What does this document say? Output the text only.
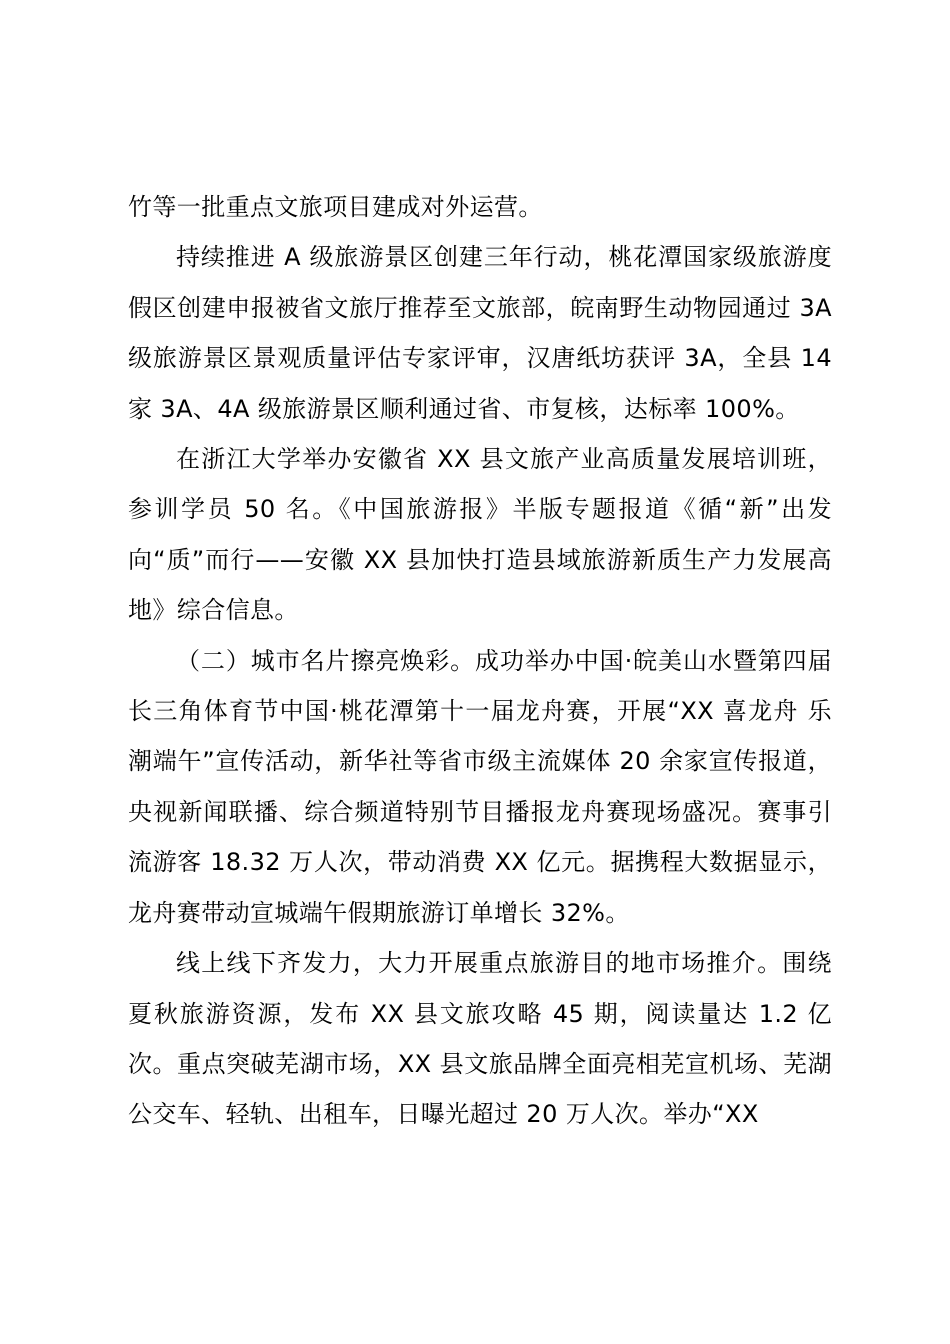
竹等一批重点文旅项目建成对外运营。

持续推进 A 级旅游景区创建三年行动，桃花潭国家级旅游度假区创建申报被省文旅厅推荐至文旅部，皖南野生动物园通过 3A 级旅游景区景观质量评估专家评审，汉唐纸坊获评 3A，全县 14 家 3A、4A 级旅游景区顺利通过省、市复核，达标率 100%。

在浙江大学举办安徽省 XX 县文旅产业高质量发展培训班，参训学员 50 名。《中国旅游报》半版专题报道《循“新”出发 向“质”而行——安徽 XX 县加快打造县域旅游新质生产力发展高地》综合信息。

（二）城市名片擦亮焕彩。成功举办中国·皖美山水暨第四届长三角体育节中国·桃花潭第十一届龙舟赛，开展“XX 喜龙舟 乐潮端午”宣传活动，新华社等省市级主流媒体 20 余家宣传报道，央视新闻联播、综合频道特别节目播报龙舟赛现场盛况。赛事引流游客 18.32 万人次，带动消费 XX 亿元。据携程大数据显示，龙舟赛带动宣城端午假期旅游订单增长 32%。

线上线下齐发力，大力开展重点旅游目的地市场推介。围绕夏秋旅游资源，发布 XX 县文旅攻略 45 期，阅读量达 1.2 亿次。重点突破芜湖市场，XX 县文旅品牌全面亮相芜宣机场、芜湖公交车、轻轨、出租车，日曝光超过 20 万人次。举办“XX
